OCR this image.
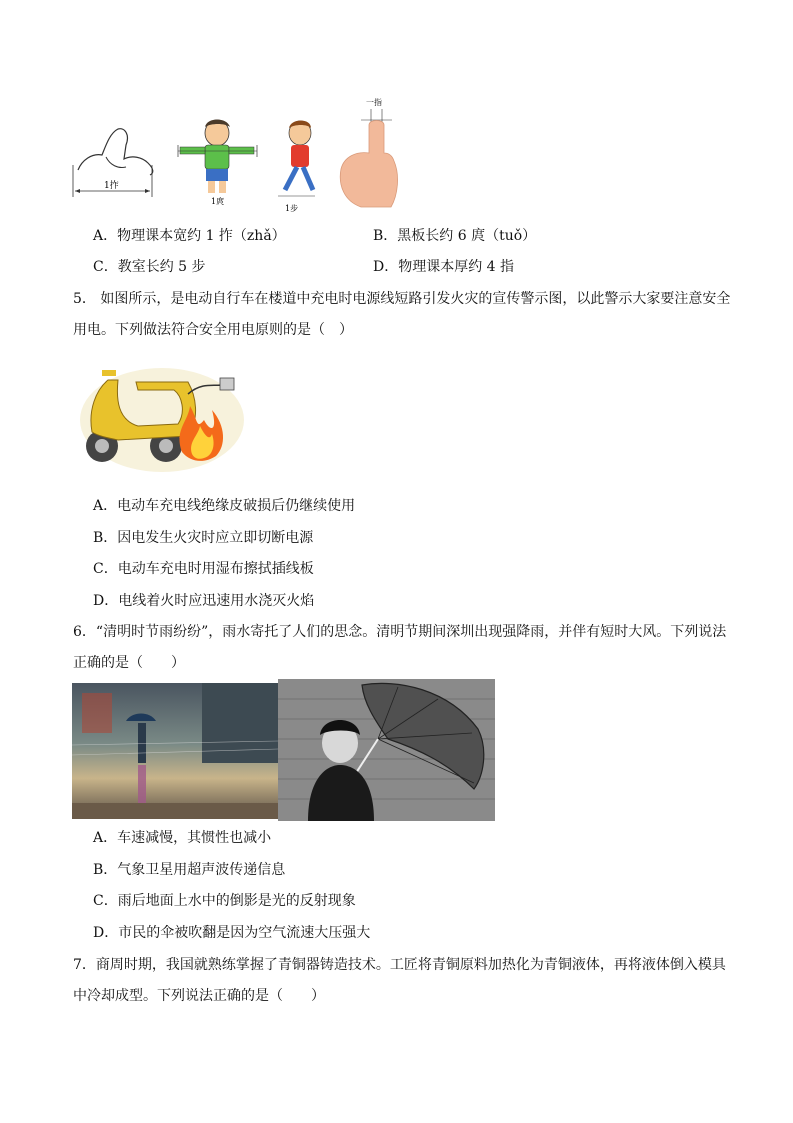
1拃
1庹
1步
一指
A．物理课本宽约 1 拃（zhǎ）	B．黑板长约 6 庹（tuǒ）
C．教室长约 5 步	D．物理课本厚约 4 指
5． 如图所示，是电动自行车在楼道中充电时电源线短路引发火灾的宣传警示图，以此警示大家要注意安全
用电。下列做法符合安全用电原则的是（　）
A．电动车充电线绝缘皮破损后仍继续使用
B．因电发生火灾时应立即切断电源
C．电动车充电时用湿布擦拭插线板
D．电线着火时应迅速用水浇灭火焰
6．“清明时节雨纷纷”，雨水寄托了人们的思念。清明节期间深圳出现强降雨，并伴有短时大风。下列说法
正确的是（　　）
A．车速减慢，其惯性也减小
B．气象卫星用超声波传递信息
C．雨后地面上水中的倒影是光的反射现象
D．市民的伞被吹翻是因为空气流速大压强大
7．商周时期，我国就熟练掌握了青铜器铸造技术。工匠将青铜原料加热化为青铜液体，再将液体倒入模具
中冷却成型。下列说法正确的是（　　）
